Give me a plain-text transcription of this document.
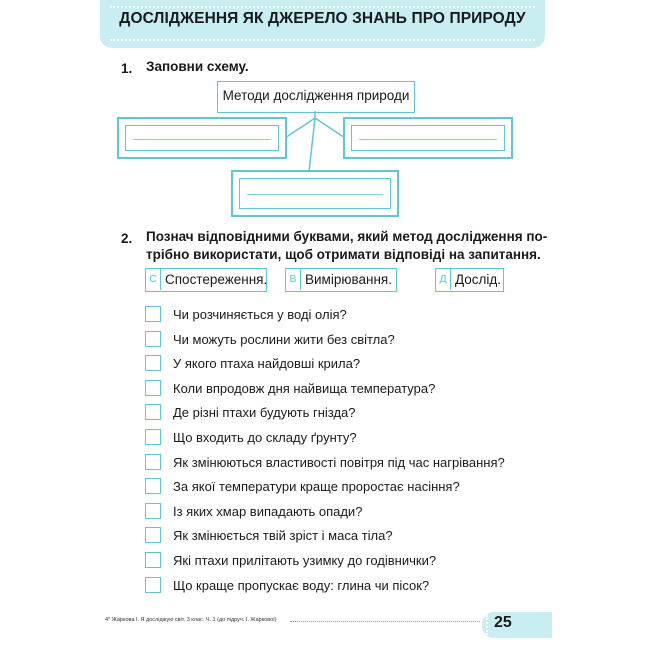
ДОСЛІДЖЕННЯ ЯК ДЖЕРЕЛО ЗНАНЬ ПРО ПРИРОДУ
1. Заповни схему.
Методи дослідження природи
2. Познач відповідними буквами, який метод дослідження по-
трібно використати, щоб отримати відповіді на запитання.
С Спостереження.	В Вимірювання.	Д Дослід.
Чи розчиняється у воді олія?
Чи можуть рослини жити без світла?
У якого птаха найдовші крила?
Коли впродовж дня найвища температура?
Де різні птахи будують гнізда?
Що входить до складу ґрунту?
Як змінюються властивості повітря під час нагрівання?
За якої температури краще проростає насіння?
Із яких хмар випадають опади?
Як змінюється твій зріст і маса тіла?
Які птахи прилітають узимку до годівнички?
Що краще пропускає воду: глина чи пісок?
4* Жаркова І. Я досліджую світ. 3 клас. Ч. 1 (до підруч. І. Жаркової)	25
